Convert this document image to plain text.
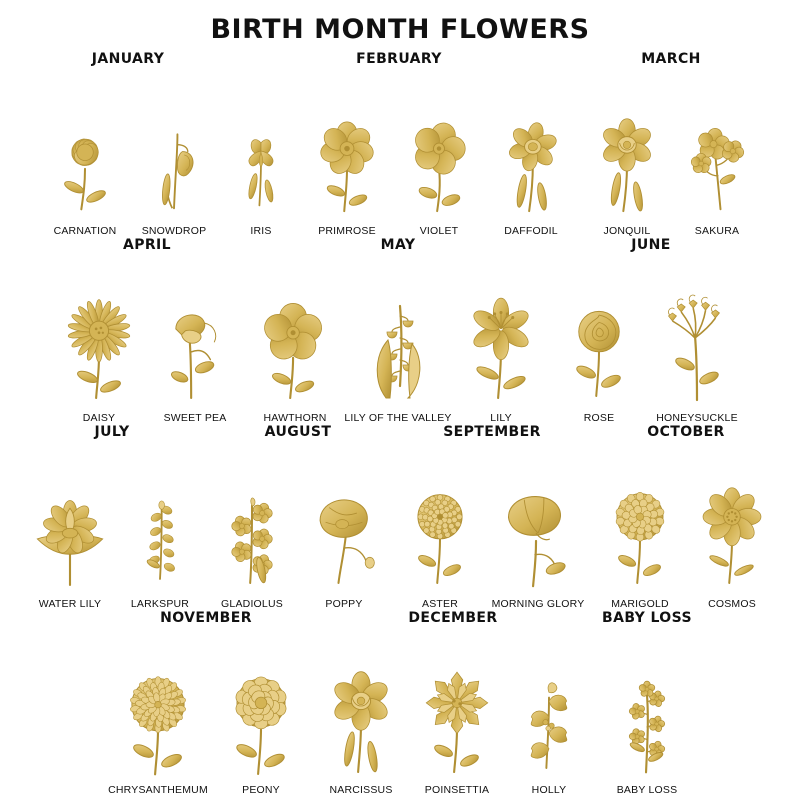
BIRTH MONTH FLOWERS
JANUARY
CARNATION SNOWDROP
FEBRUARY
IRIS	PRIMROSE	VIOLET	DAFFODIL
MARCH
JONQUIL	SAKURA
APRIL
DAISY	SWEET PEA
MAY
HAWTHORN LILY OF THE VALLEY	LILY
JUNE
ROSE	HONEYSUCKLE
JULY
WATER LILY	LARKSPUR
AUGUST
GLADIOLUS	POPPY
SEPTEMBER
ASTER	MORNING GLORY
OCTOBER
MARIGOLD	COSMOS
NOVEMBER
CHRYSANTHEMUM	PEONY
DECEMBER
NARCISSUS	POINSETTIA	HOLLY
BABY LOSS
BABY LOSS
